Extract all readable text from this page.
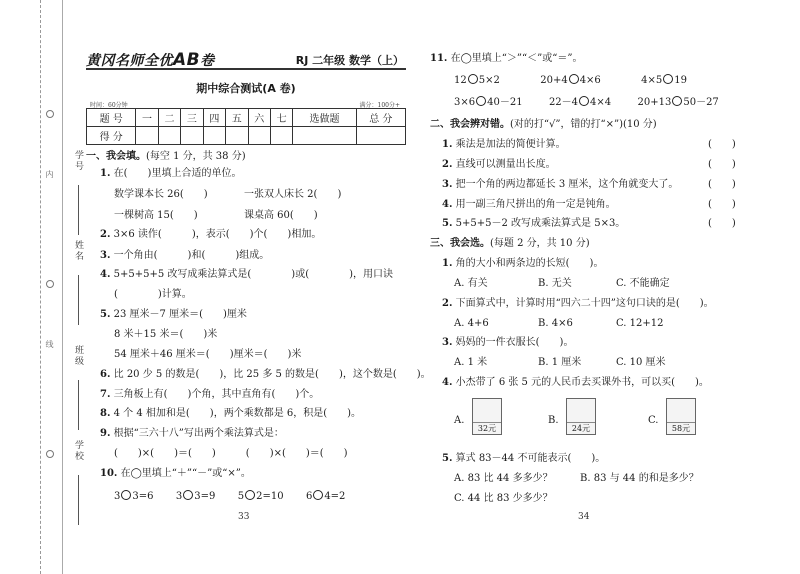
内
线
学号
姓名
班级
学校
黄冈名师全优AB卷	RJ 二年级 数学（上）
期中综合测试(A 卷)
时间：60分钟	满分：100分+
题 号	一	二	三	四	五	六	七	选做题	总 分
得 分									
一、我会填。(每空 1 分，共 38 分)
1. 在(　　)里填上合适的单位。
数学课本长 26(　　)	一张双人床长 2(　　)
一棵树高 15(　　)	课桌高 60(　　)
2. 3×6 读作(　　　)，表示(　　)个(　　)相加。
3. 一个角由(　　　)和(　　　)组成。
4. 5+5+5+5 改写成乘法算式是(　　　　)或(　　　　)，用口诀
(　　　　)计算。
5. 23 厘米－7 厘米＝(　　)厘米
8 米＋15 米＝(　　)米
54 厘米＋46 厘米＝(　　)厘米＝(　　)米
6. 比 20 少 5 的数是(　　)，比 25 多 5 的数是(　　)，这个数是(　　)。
7. 三角板上有(　　)个角，其中直角有(　　)个。
8. 4 个 4 相加和是(　　)，两个乘数都是 6，积是(　　)。
9. 根据“三六十八”写出两个乘法算式是：
(　　)×(　　)＝(　　)　　　(　　)×(　　)＝(　　)
10. 在◯里填上“＋”“－”或“×”。
3 3=6 3 3=9 5 2=10 6 4=2
33
11. 在◯里填上“＞”“＜”或“＝”。
12 5×2	20+4 4×6	4×5 19
3×6 40－21	22－4 4×4	20+13 50－27
二、我会辨对错。(对的打“√”，错的打“×”)(10 分)
1. 乘法是加法的简便计算。	(　　)
2. 直线可以测量出长度。	(　　)
3. 把一个角的两边都延长 3 厘米，这个角就变大了。	(　　)
4. 用一副三角尺拼出的角一定是钝角。	(　　)
5. 5+5+5－2 改写成乘法算式是 5×3。	(　　)
三、我会选。(每题 2 分，共 10 分)
1. 角的大小和两条边的长短(　　)。
A. 有关	B. 无关	C. 不能确定
2. 下面算式中，计算时用“四六二十四”这句口诀的是(　　)。
A. 4+6	B. 4×6	C. 12+12
3. 妈妈的一件衣服长(　　)。
A. 1 米	B. 1 厘米	C. 10 厘米
4. 小杰带了 6 张 5 元的人民币去买课外书，可以买(　　)。
A.
32元
B.
24元
C.
58元
5. 算式 83－44 不可能表示(　　)。
A. 83 比 44 多多少？	B. 83 与 44 的和是多少？
C. 44 比 83 少多少？
34
